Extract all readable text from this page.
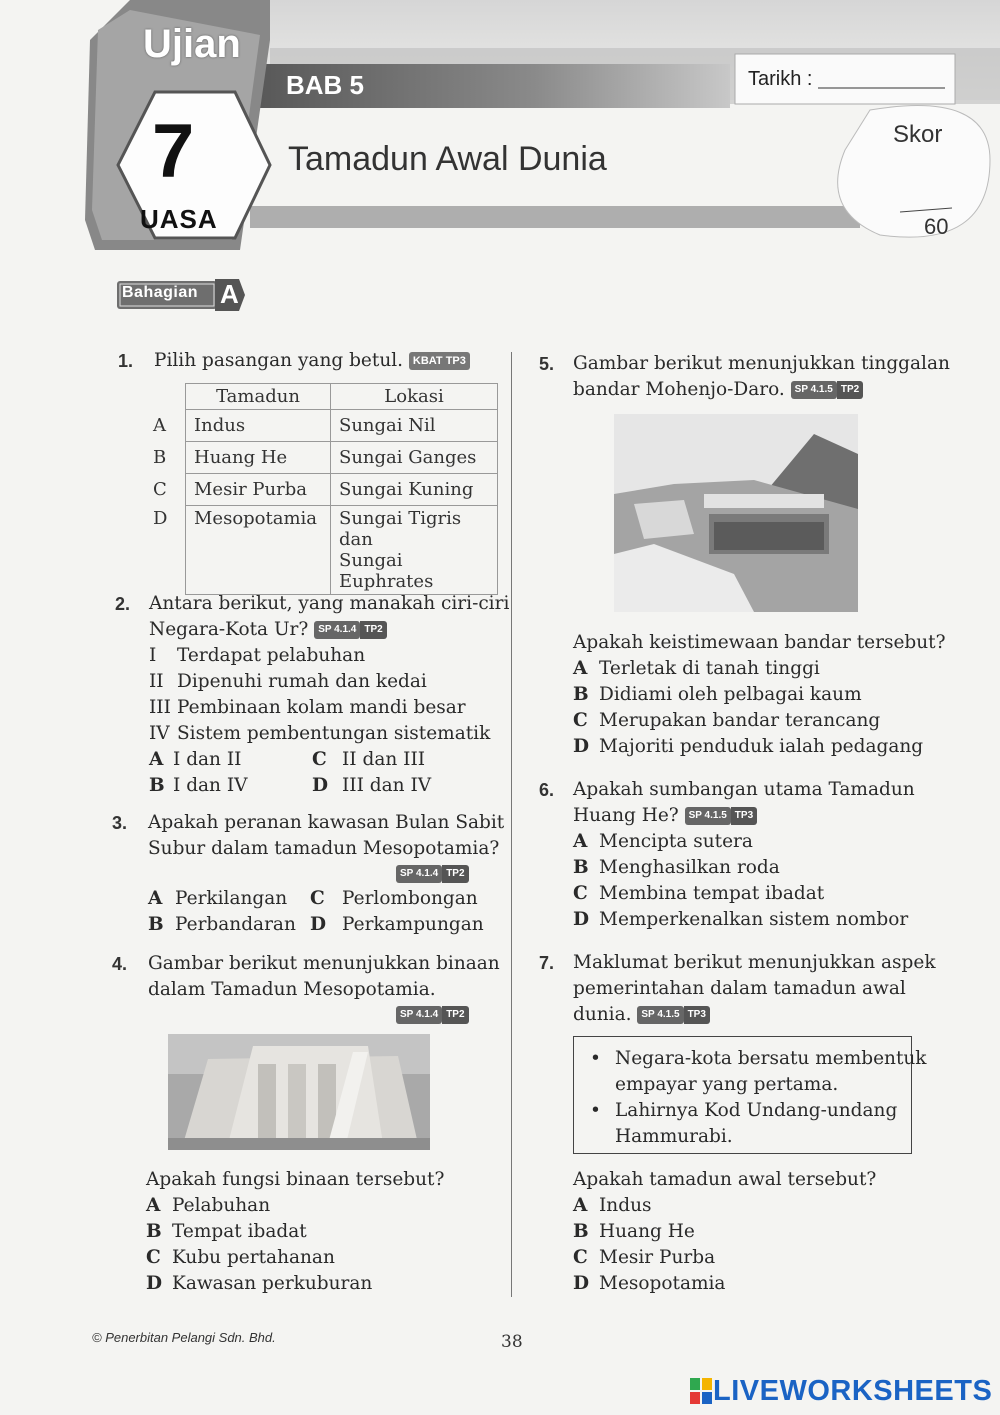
Ujian
7
UASA
BAB 5	Tarikh :
Tamadun Awal Dunia
Skor
60
Bahagian A
1. Pilih pasangan yang betul. KBAT TP3
	Tamadun	Lokasi
A	Indus	Sungai Nil
B	Huang He	Sungai Ganges
C	Mesir Purba	Sungai Kuning
D	Mesopotamia	Sungai Tigris dan
Sungai Euphrates
2. Antara berikut, yang manakah ciri-ciri
Negara-Kota Ur? SP 4.1.4 TP2
I Terdapat pelabuhan
II Dipenuhi rumah dan kedai
III Pembinaan kolam mandi besar
IV Sistem pembentungan sistematik
A I dan II	C II dan III
B I dan IV	D III dan IV
3. Apakah peranan kawasan Bulan Sabit
Subur dalam tamadun Mesopotamia?
SP 4.1.4 TP2
A Perkilangan C Perlombongan
B Perbandaran D Perkampungan
4. Gambar berikut menunjukkan binaan
dalam Tamadun Mesopotamia.
SP 4.1.4 TP2
Apakah fungsi binaan tersebut?
A Pelabuhan
B Tempat ibadat
C Kubu pertahanan
D Kawasan perkuburan
5. Gambar berikut menunjukkan tinggalan
bandar Mohenjo-Daro. SP 4.1.5 TP2
Apakah keistimewaan bandar tersebut?
A Terletak di tanah tinggi
B Didiami oleh pelbagai kaum
C Merupakan bandar terancang
D Majoriti penduduk ialah pedagang
6. Apakah sumbangan utama Tamadun
Huang He? SP 4.1.5 TP3
A Mencipta sutera
B Menghasilkan roda
C Membina tempat ibadat
D Memperkenalkan sistem nombor
7. Maklumat berikut menunjukkan aspek
pemerintahan dalam tamadun awal
dunia. SP 4.1.5 TP3
• Negara-kota bersatu membentuk
empayar yang pertama.
• Lahirnya Kod Undang-undang
Hammurabi.
Apakah tamadun awal tersebut?
A Indus
B Huang He
C Mesir Purba
D Mesopotamia
© Penerbitan Pelangi Sdn. Bhd.	38
LIVEWORKSHEETS
